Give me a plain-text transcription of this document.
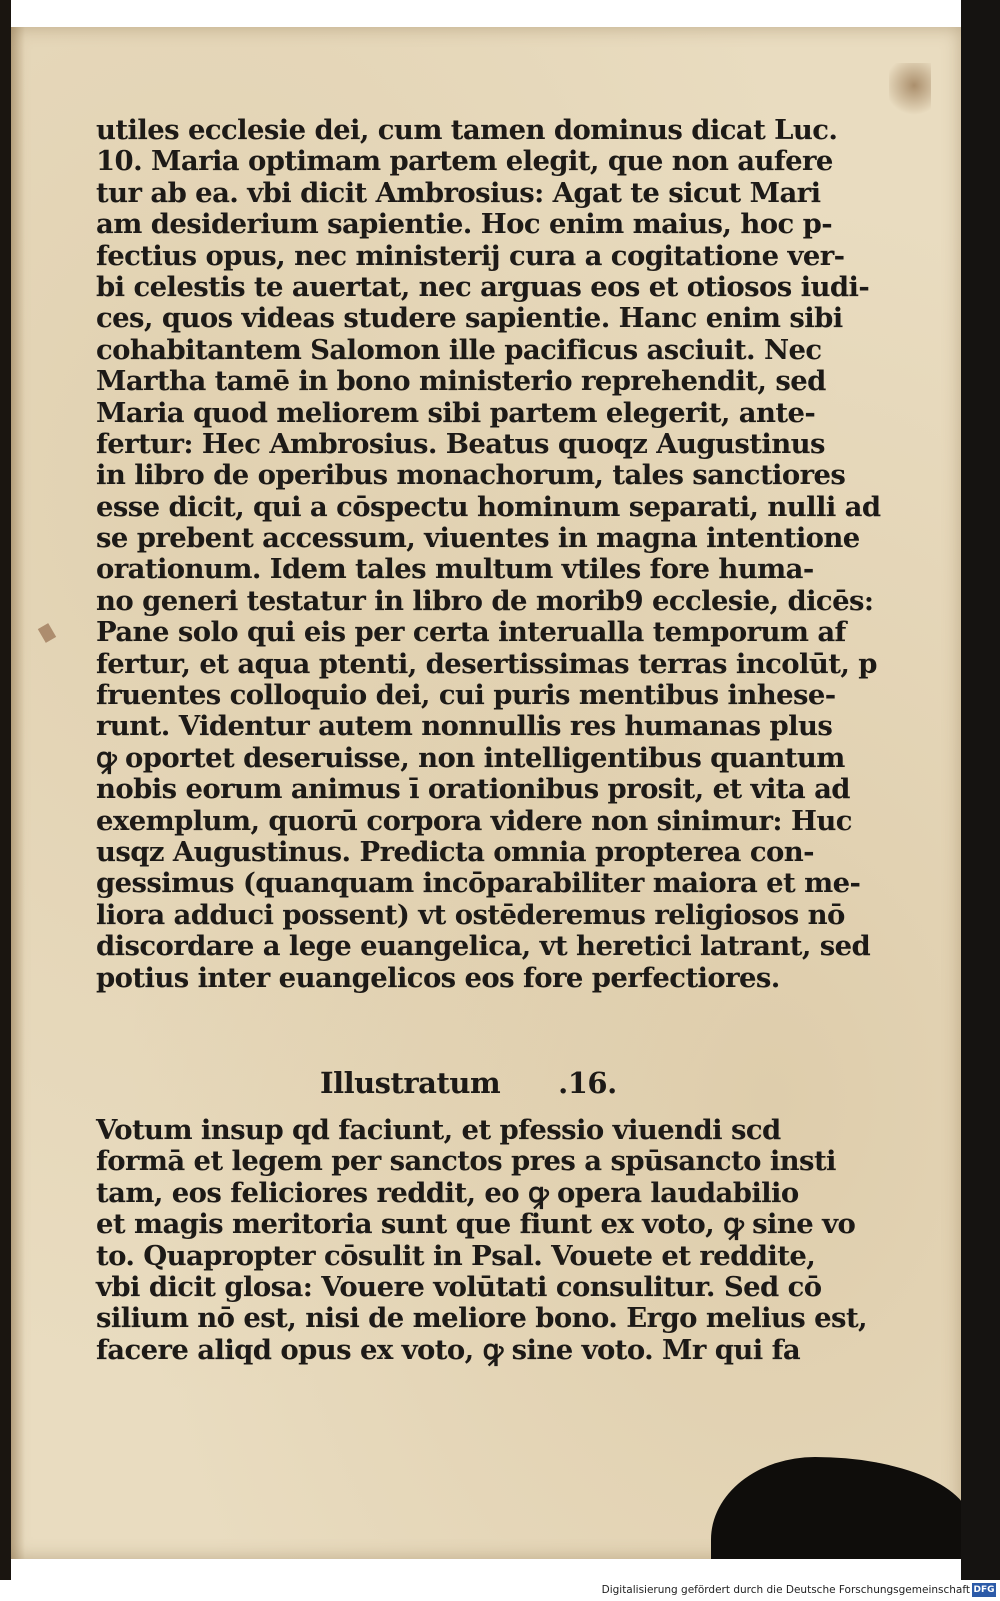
utiles ecclesie dei, cum tamen dominus dicat Luc.
10. Maria optimam partem elegit, que non aufere
tur ab ea. vbi dicit Ambrosius: Agat te sicut Mari
am desiderium sapientie. Hoc enim maius, hoc p-
fectius opus, nec ministerij cura a cogitatione ver-
bi celestis te auertat, nec arguas eos et otiosos iudi-
ces, quos videas studere sapientie. Hanc enim sibi
cohabitantem Salomon ille pacificus asciuit. Nec
Martha tamē in bono ministerio reprehendit, sed
Maria quod meliorem sibi partem elegerit, ante-
fertur: Hec Ambrosius. Beatus quoqz Augustinus
in libro de operibus monachorum, tales sanctiores
esse dicit, qui a cōspectu hominum separati, nulli ad
se prebent accessum, viuentes in magna intentione
orationum. Idem tales multum vtiles fore huma-
no generi testatur in libro de morib9 ecclesie, dicēs:
Pane solo qui eis per certa interualla temporum af
fertur, et aqua ptenti, desertissimas terras incolūt, p
fruentes colloquio dei, cui puris mentibus inhese-
runt. Videntur autem nonnullis res humanas plus
ꝙ oportet deseruisse, non intelligentibus quantum
nobis eorum animus ī orationibus prosit, et vita ad
exemplum, quorū corpora videre non sinimur: Huc
usqz Augustinus. Predicta omnia propterea con-
gessimus (quanquam incōparabiliter maiora et me-
liora adduci possent) vt ostēderemus religiosos nō
discordare a lege euangelica, vt heretici latrant, sed
potius inter euangelicos eos fore perfectiores.
Illustratum .16.
Votum insup qd faciunt, et pfessio viuendi scd
formā et legem per sanctos pres a spūsancto insti
tam, eos feliciores reddit, eo ꝙ opera laudabilio
et magis meritoria sunt que fiunt ex voto, ꝙ sine vo
to. Quapropter cōsulit in Psal. Vouete et reddite,
vbi dicit glosa: Vouere volūtati consulitur. Sed cō
silium nō est, nisi de meliore bono. Ergo melius est,
facere aliqd opus ex voto, ꝙ sine voto. Mr qui fa
Digitalisierung gefördert durch die Deutsche Forschungsgemeinschaft DFG
